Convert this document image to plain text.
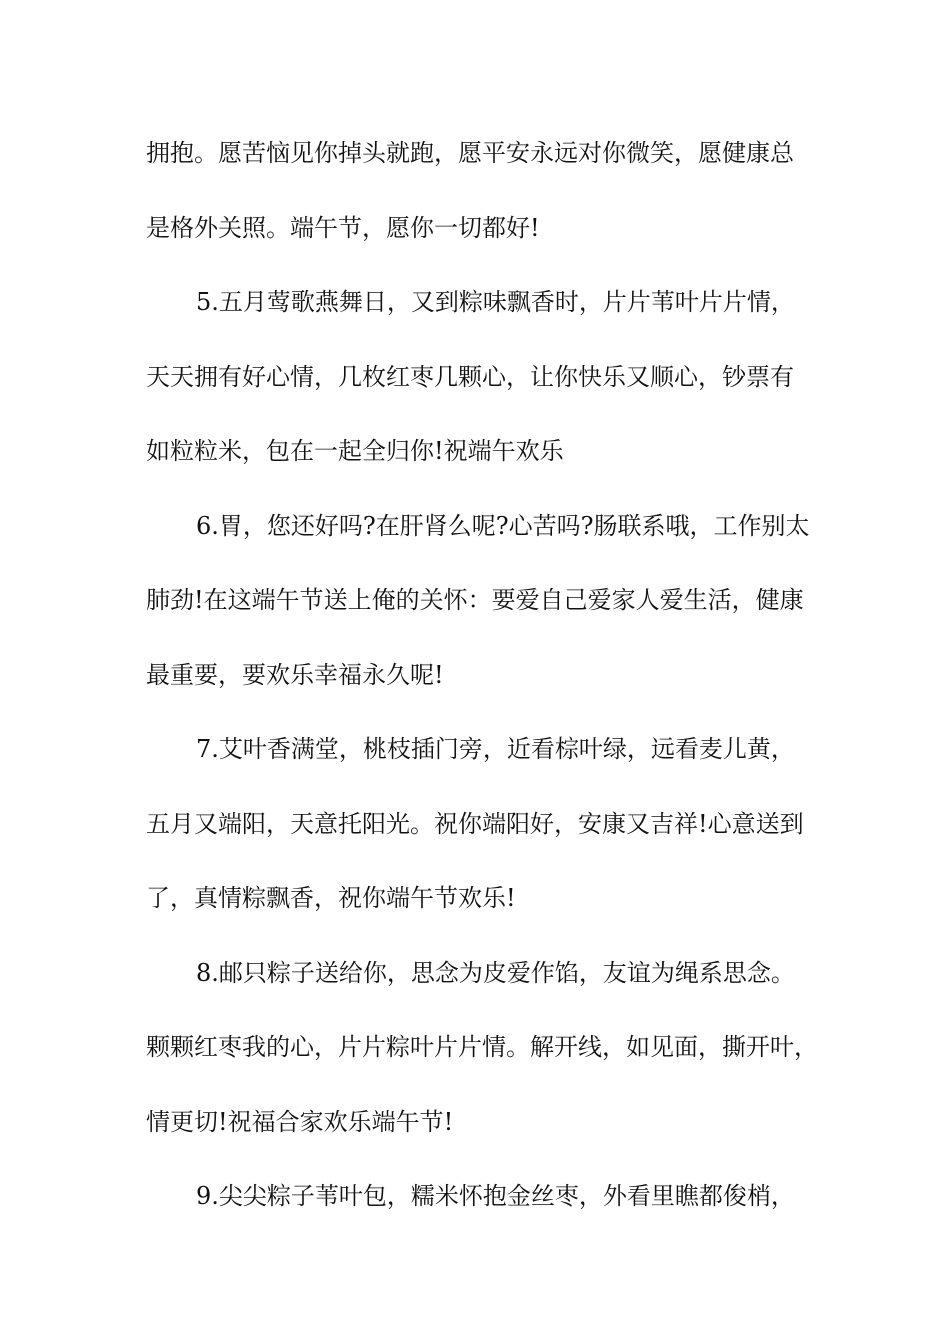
拥抱。愿苦恼见你掉头就跑，愿平安永远对你微笑，愿健康总
是格外关照。端午节，愿你一切都好!
5.五月莺歌燕舞日，又到粽味飘香时，片片苇叶片片情，
天天拥有好心情，几枚红枣几颗心，让你快乐又顺心，钞票有
如粒粒米，包在一起全归你!祝端午欢乐
6.胃，您还好吗?在肝肾么呢?心苦吗?肠联系哦，工作别太
肺劲!在这端午节送上俺的关怀：要爱自己爱家人爱生活，健康
最重要，要欢乐幸福永久呢!
7.艾叶香满堂，桃枝插门旁，近看棕叶绿，远看麦儿黄，
五月又端阳，天意托阳光。祝你端阳好，安康又吉祥!心意送到
了，真情粽飘香，祝你端午节欢乐!
8.邮只粽子送给你，思念为皮爱作馅，友谊为绳系思念。
颗颗红枣我的心，片片粽叶片片情。解开线，如见面，撕开叶，
情更切!祝福合家欢乐端午节!
9.尖尖粽子苇叶包，糯米怀抱金丝枣，外看里瞧都俊梢，
